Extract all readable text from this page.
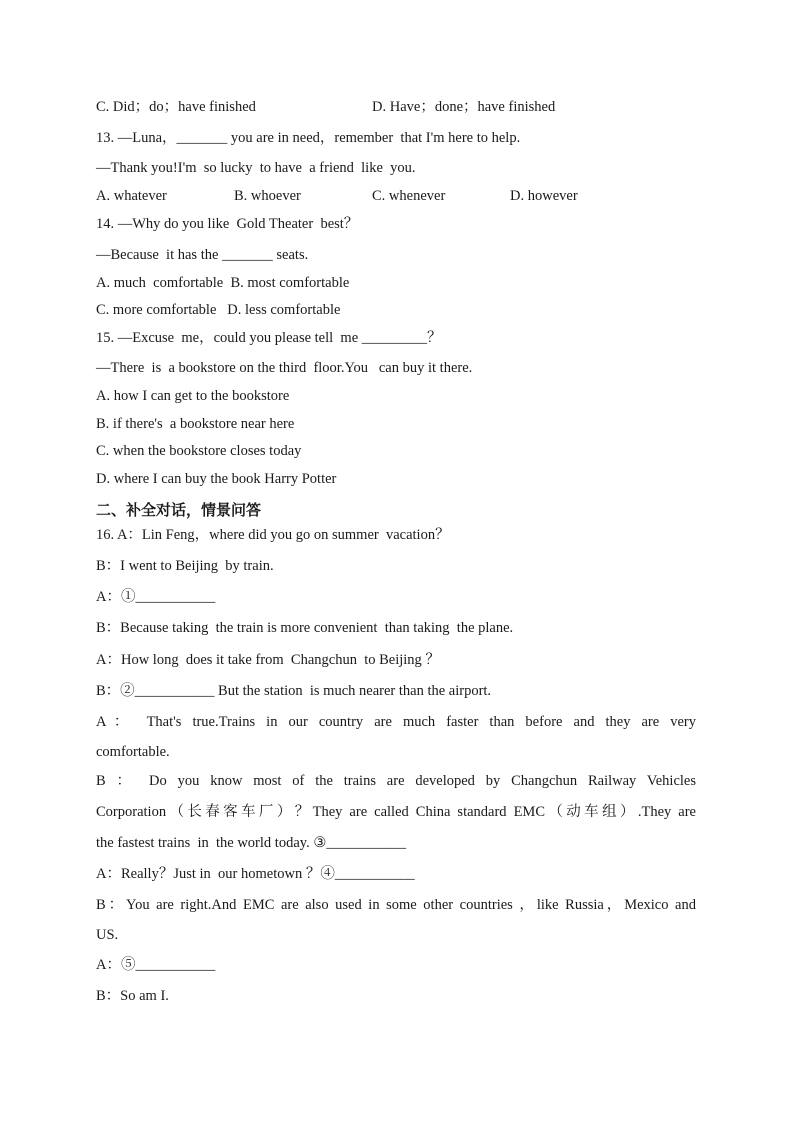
C. Did；do；have finished	D. Have；done；have finished
13. —Luna，_______ you are in need，remember  that I'm here to help.
—Thank you!I'm  so lucky  to have  a friend  like  you.
A. whatever	B. whoever	C. whenever	D. however
14. —Why do you like  Gold Theater  best？
—Because  it has the _______ seats.
A. much  comfortable  B. most comfortable
C. more comfortable   D. less comfortable
15. —Excuse  me，could you please tell  me _________？
—There  is  a bookstore on the third  floor.You   can buy it there.
A. how I can get to the bookstore
B. if there's  a bookstore near here
C. when the bookstore closes today
D. where I can buy the book Harry Potter
二、补全对话，情景问答
16. A：Lin Feng，where did you go on summer  vacation？
B：I went to Beijing  by train.
A：①___________
B：Because taking  the train is more convenient  than taking  the plane.
A：How long  does it take from  Changchun  to Beijing ？
B：②___________ But the station  is much nearer than the airport.
A： That's true.Trains in our country are much faster than before and they are very
comfortable.
B ： Do you know most of the trains are developed by Changchun Railway Vehicles
Corporation（长春客车厂）？They are called China standard EMC（动车组）.They are
the fastest trains  in  the world today. ③___________
A：Really？Just in  our hometown ？④___________
B：You are right.And EMC are also used in some other countries ，like Russia，Mexico and
US.
A：⑤___________
B：So am I.
